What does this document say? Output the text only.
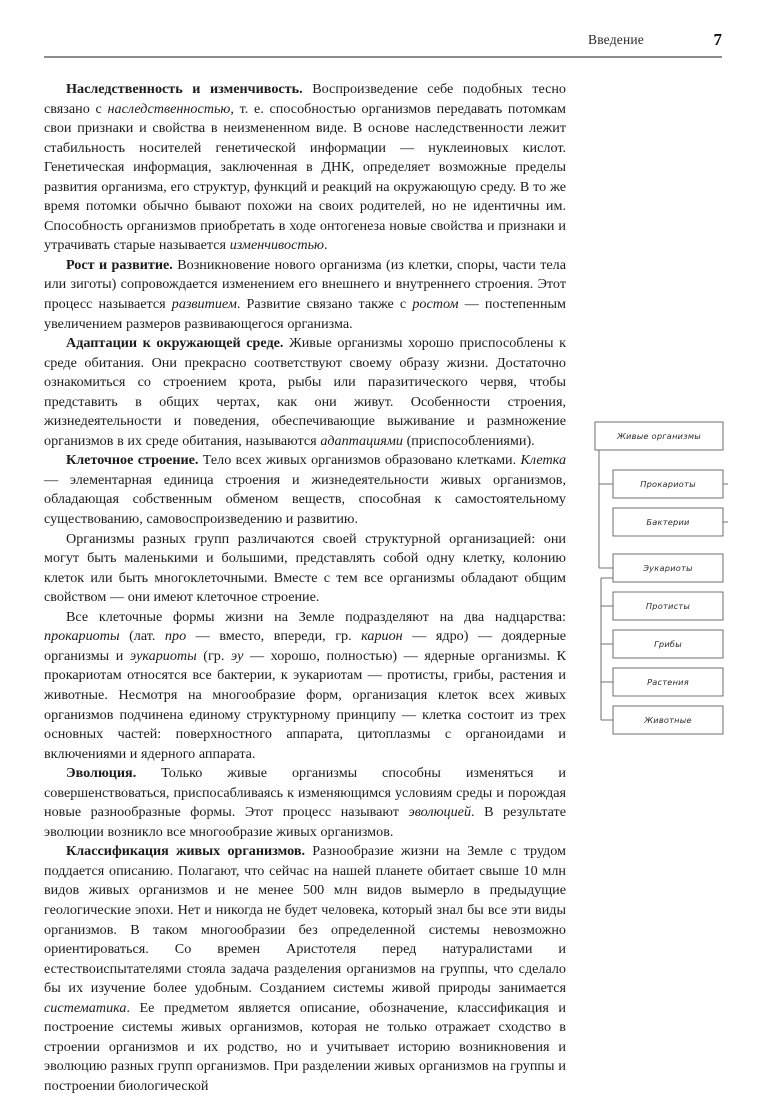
Введение	7

Наследственность и изменчивость. Воспроизведение себе подобных тесно связано с наследственностью, т. е. способностью организмов передавать потомкам свои признаки и свойства в неизмененном виде. В основе наследственности лежит стабильность носителей генетической информации — нуклеиновых кислот. Генетическая информация, заключенная в ДНК, определяет возможные пределы развития организма, его структур, функций и реакций на окружающую среду. В то же время потомки обычно бывают похожи на своих родителей, но не идентичны им. Способность организмов приобретать в ходе онтогенеза новые свойства и признаки и утрачивать старые называется изменчивостью.

Рост и развитие. Возникновение нового организма (из клетки, споры, части тела или зиготы) сопровождается изменением его внешнего и внутреннего строения. Этот процесс называется развитием. Развитие связано также с ростом — постепенным увеличением размеров развивающегося организма.

Адаптации к окружающей среде. Живые организмы хорошо приспособлены к среде обитания. Они прекрасно соответствуют своему образу жизни. Достаточно ознакомиться со строением крота, рыбы или паразитического червя, чтобы представить в общих чертах, как они живут. Особенности строения, жизнедеятельности и поведения, обеспечивающие выживание и размножение организмов в их среде обитания, называются адаптациями (приспособлениями).

Клеточное строение. Тело всех живых организмов образовано клетками. Клетка — элементарная единица строения и жизнедеятельности живых организмов, обладающая собственным обменом веществ, способная к самостоятельному существованию, самовоспроизведению и развитию.

Организмы разных групп различаются своей структурной организацией: они могут быть маленькими и большими, представлять собой одну клетку, колонию клеток или быть многоклеточными. Вместе с тем все организмы обладают общим свойством — они имеют клеточное строение.

Все клеточные формы жизни на Земле подразделяют на два надцарства: прокариоты (лат. про — вместо, впереди, гр. карион — ядро) — доядерные организмы и эукариоты (гр. эу — хорошо, полностью) — ядерные организмы. К прокариотам относятся все бактерии, к эукариотам — протисты, грибы, растения и животные. Несмотря на многообразие форм, организация клеток всех живых организмов подчинена единому структурному принципу — клетка состоит из трех основных частей: поверхностного аппарата, цитоплазмы с органоидами и включениями и ядерного аппарата.

Эволюция. Только живые организмы способны изменяться и совершенствоваться, приспосабливаясь к изменяющимся условиям среды и порождая новые разнообразные формы. Этот процесс называют эволюцией. В результате эволюции возникло все многообразие живых организмов.

Классификация живых организмов. Разнообразие жизни на Земле с трудом поддается описанию. Полагают, что сейчас на нашей планете обитает свыше 10 млн видов живых организмов и не менее 500 млн видов вымерло в предыдущие геологические эпохи. Нет и никогда не будет человека, который знал бы все эти виды организмов. В таком многообразии без определенной системы невозможно ориентироваться. Со времен Аристотеля перед натуралистами и естествоиспытателями стояла задача разделения организмов на группы, что сделало бы их изучение более удобным. Созданием системы живой природы занимается систематика. Ее предметом является описание, обозначение, классификация и построение системы живых организмов, которая не только отражает сходство в строении организмов и их родство, но и учитывает историю возникновения и эволюцию разных групп организмов. При разделении живых организмов на группы и построении биологической

Живые организмы
Прокариоты
Бактерии
Эукариоты
Протисты
Грибы
Растения
Животные
